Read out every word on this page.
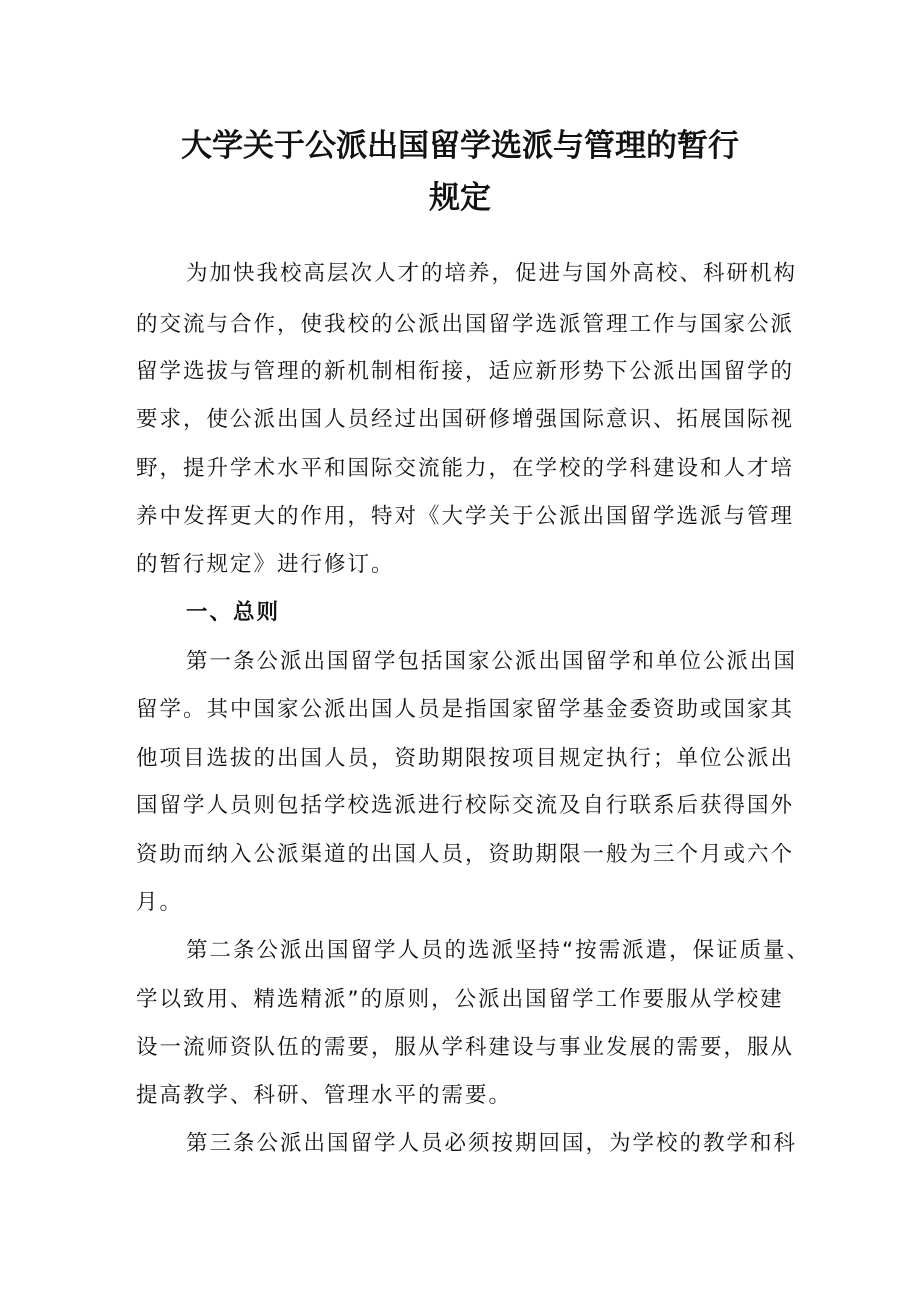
大学关于公派出国留学选派与管理的暂行
规定
为加快我校高层次人才的培养，促进与国外高校、科研机构
的交流与合作，使我校的公派出国留学选派管理工作与国家公派
留学选拔与管理的新机制相衔接，适应新形势下公派出国留学的
要求，使公派出国人员经过出国研修增强国际意识、拓展国际视
野，提升学术水平和国际交流能力，在学校的学科建设和人才培
养中发挥更大的作用，特对《大学关于公派出国留学选派与管理
的暂行规定》进行修订。
一、总则
第一条公派出国留学包括国家公派出国留学和单位公派出国
留学。其中国家公派出国人员是指国家留学基金委资助或国家其
他项目选拔的出国人员，资助期限按项目规定执行；单位公派出
国留学人员则包括学校选派进行校际交流及自行联系后获得国外
资助而纳入公派渠道的出国人员，资助期限一般为三个月或六个
月。
第二条公派出国留学人员的选派坚持“按需派遣，保证质量、
学以致用、精选精派”的原则，公派出国留学工作要服从学校建
设一流师资队伍的需要，服从学科建设与事业发展的需要，服从
提高教学、科研、管理水平的需要。
第三条公派出国留学人员必须按期回国，为学校的教学和科
